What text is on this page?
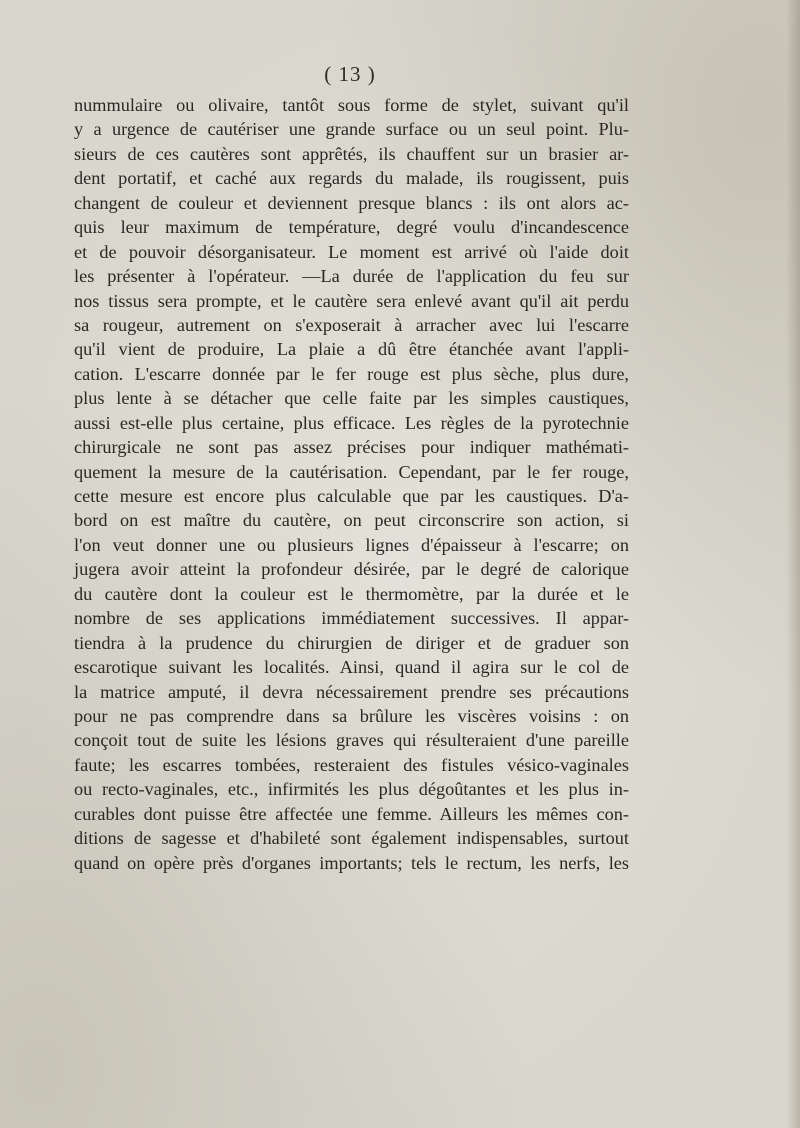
( 13 )
nummulaire ou olivaire, tantôt sous forme de stylet, suivant qu'il
y a urgence de cautériser une grande surface ou un seul point. Plu-
sieurs de ces cautères sont apprêtés, ils chauffent sur un brasier ar-
dent portatif, et caché aux regards du malade, ils rougissent, puis
changent de couleur et deviennent presque blancs : ils ont alors ac-
quis leur maximum de température, degré voulu d'incandescence
et de pouvoir désorganisateur. Le moment est arrivé où l'aide doit
les présenter à l'opérateur. —La durée de l'application du feu sur
nos tissus sera prompte, et le cautère sera enlevé avant qu'il ait perdu
sa rougeur, autrement on s'exposerait à arracher avec lui l'escarre
qu'il vient de produire, La plaie a dû être étanchée avant l'appli-
cation. L'escarre donnée par le fer rouge est plus sèche, plus dure,
plus lente à se détacher que celle faite par les simples caustiques,
aussi est-elle plus certaine, plus efficace. Les règles de la pyrotechnie
chirurgicale ne sont pas assez précises pour indiquer mathémati-
quement la mesure de la cautérisation. Cependant, par le fer rouge,
cette mesure est encore plus calculable que par les caustiques. D'a-
bord on est maître du cautère, on peut circonscrire son action, si
l'on veut donner une ou plusieurs lignes d'épaisseur à l'escarre; on
jugera avoir atteint la profondeur désirée, par le degré de calorique
du cautère dont la couleur est le thermomètre, par la durée et le
nombre de ses applications immédiatement successives. Il appar-
tiendra à la prudence du chirurgien de diriger et de graduer son
escarotique suivant les localités. Ainsi, quand il agira sur le col de
la matrice amputé, il devra nécessairement prendre ses précautions
pour ne pas comprendre dans sa brûlure les viscères voisins : on
conçoit tout de suite les lésions graves qui résulteraient d'une pareille
faute; les escarres tombées, resteraient des fistules vésico-vaginales
ou recto-vaginales, etc., infirmités les plus dégoûtantes et les plus in-
curables dont puisse être affectée une femme. Ailleurs les mêmes con-
ditions de sagesse et d'habileté sont également indispensables, surtout
quand on opère près d'organes importants; tels le rectum, les nerfs, les
